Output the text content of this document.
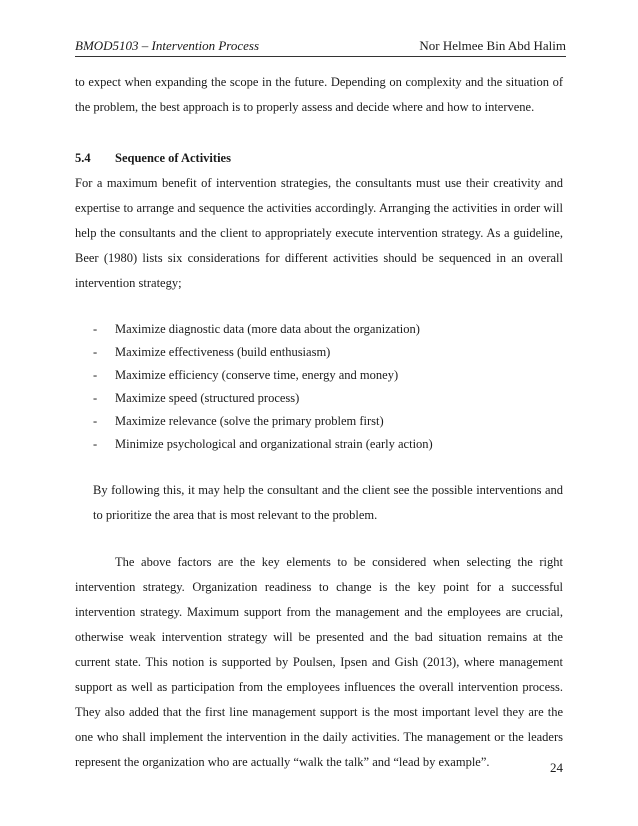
BMOD5103 – Intervention Process	Nor Helmee Bin Abd Halim

to expect when expanding the scope in the future. Depending on complexity and the situation of the problem, the best approach is to properly assess and decide where and how to intervene.

5.4	Sequence of Activities

For a maximum benefit of intervention strategies, the consultants must use their creativity and expertise to arrange and sequence the activities accordingly. Arranging the activities in order will help the consultants and the client to appropriately execute intervention strategy. As a guideline, Beer (1980) lists six considerations for different activities should be sequenced in an overall intervention strategy;

-	Maximize diagnostic data (more data about the organization)
-	Maximize effectiveness (build enthusiasm)
-	Maximize efficiency (conserve time, energy and money)
-	Maximize speed (structured process)
-	Maximize relevance (solve the primary problem first)
-	Minimize psychological and organizational strain (early action)

By following this, it may help the consultant and the client see the possible interventions and to prioritize the area that is most relevant to the problem.

The above factors are the key elements to be considered when selecting the right intervention strategy. Organization readiness to change is the key point for a successful intervention strategy. Maximum support from the management and the employees are crucial, otherwise weak intervention strategy will be presented and the bad situation remains at the current state. This notion is supported by Poulsen, Ipsen and Gish (2013), where management support as well as participation from the employees influences the overall intervention process. They also added that the first line management support is the most important level they are the one who shall implement the intervention in the daily activities. The management or the leaders represent the organization who are actually “walk the talk” and “lead by example”.	24
